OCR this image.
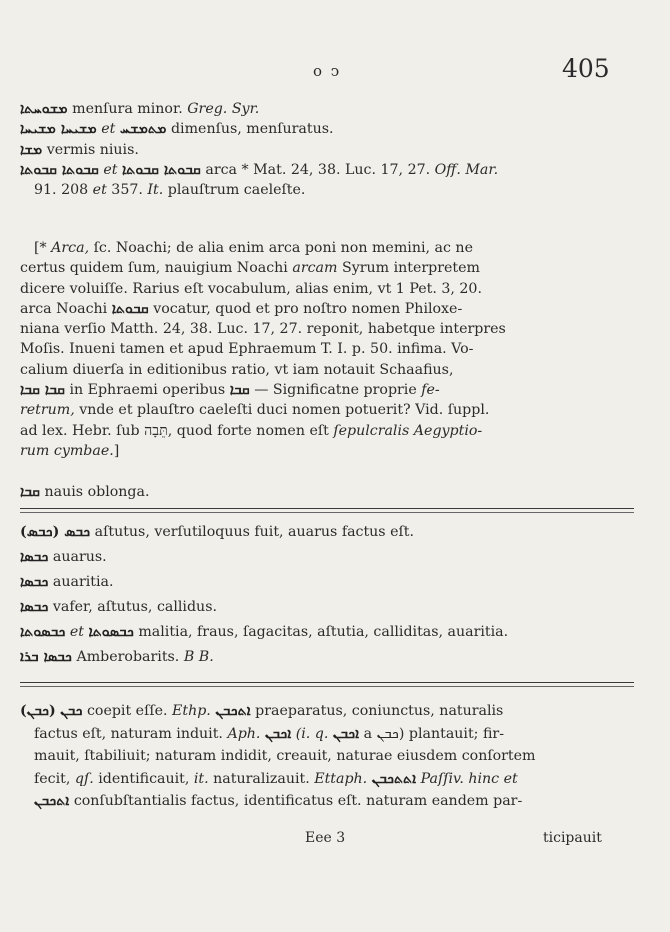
ο ↄ	405

ܡܫܘܚܬܐ menſura minor. Greg. Syr.

ܡܫܝܚܐ ܡܫܝܚܐ et ܡܬܡܫܚ dimenſus, menſuratus.

ܡܫܐ vermis niuis.

ܩܒܘܬܐ ܩܒܘܬܐ et ܩܒܘܬܐ ܩܒܘܬܐ arca * Mat. 24, 38. Luc. 17, 27. Off. Mar.

91. 208 et 357. It. plauſtrum caeleſte.

[* Arca, ſc. Noachi; de alia enim arca poni non memini, ac ne

certus quidem ſum, nauigium Noachi arcam Syrum interpretem

dicere voluiſſe. Rarius eſt vocabulum, alias enim, vt 1 Pet. 3, 20.

arca Noachi ܩܒܘܬܐ vocatur, quod et pro noſtro nomen Philoxe-

niana verſio Matth. 24, 38. Luc. 17, 27. reponit, habetque interpres

Moſis. Inueni tamen et apud Ephraemum T. I. p. 50. infima. Vo-

calium diuerſa in editionibus ratio, vt iam notauit Schaafius,

ܩܒܐ ܩܒܐ in Ephraemi operibus ܩܒܐ — Significatne proprie fe-

retrum, vnde et plauſtro caeleſti duci nomen potuerit? Vid. ſuppl.

ad lex. Hebr. ſub תֵּבָה, quod forte nomen eſt ſepulcralis Aegyptio-

rum cymbae.]

ܩܒܐ nauis oblonga.

(ܟܒܣ) ܟܒܣ aſtutus, verſutiloquus fuit, auarus factus eſt.

ܟܒܣܐ auarus.

ܟܒܣܐ auaritia.

ܟܒܣܐ vafer, aſtutus, callidus.

ܟܒܣܘܬܐ et ܟܒܣܘܬܐ malitia, fraus, ſagacitas, aſtutia, calliditas, auaritia.

ܟܒܣܐ ܒܪܐ Amberobarits. B B.

(ܟܒܢ) ܟܒܢ coepit eſſe. Ethp. ܐܬܟܒܢ praeparatus, coniunctus, naturalis

factus eſt, naturam induit. Aph. ܐܟܒܢ (i. q. ܐܟܒܢ a ܟܒܢ) plantauit; fir-

mauit, ſtabiliuit; naturam indidit, creauit, naturae eiusdem conſortem

fecit, qſ. identificauit, it. naturalizauit. Ettaph. ܐܬܬܟܒܢ Paſſiv. hinc et

ܐܬܟܒܢ conſubſtantialis factus, identificatus eſt. naturam eandem par-

Eee 3	ticipauit
